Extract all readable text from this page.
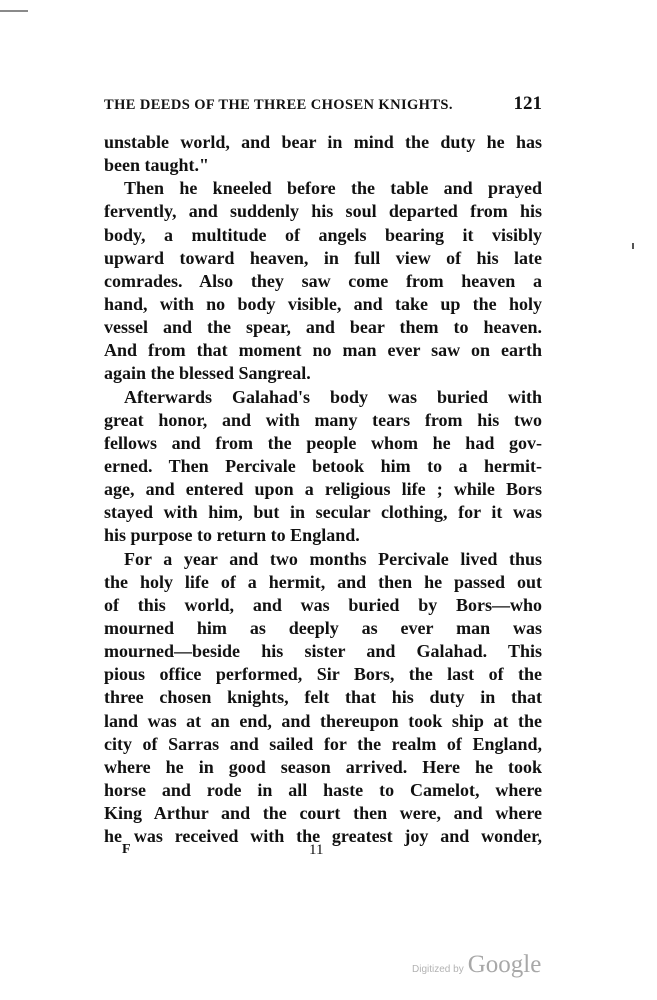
THE DEEDS OF THE THREE CHOSEN KNIGHTS.	121
unstable world, and bear in mind the duty he has
been taught."
Then he kneeled before the table and prayed
fervently, and suddenly his soul departed from his
body, a multitude of angels bearing it visibly
upward toward heaven, in full view of his late
comrades. Also they saw come from heaven a
hand, with no body visible, and take up the holy
vessel and the spear, and bear them to heaven.
And from that moment no man ever saw on earth
again the blessed Sangreal.
Afterwards Galahad's body was buried with
great honor, and with many tears from his two
fellows and from the people whom he had gov-
erned. Then Percivale betook him to a hermit-
age, and entered upon a religious life ; while Bors
stayed with him, but in secular clothing, for it was
his purpose to return to England.
For a year and two months Percivale lived thus
the holy life of a hermit, and then he passed out
of this world, and was buried by Bors—who
mourned him as deeply as ever man was
mourned—beside his sister and Galahad. This
pious office performed, Sir Bors, the last of the
three chosen knights, felt that his duty in that
land was at an end, and thereupon took ship at the
city of Sarras and sailed for the realm of England,
where he in good season arrived. Here he took
horse and rode in all haste to Camelot, where
King Arthur and the court then were, and where
he was received with the greatest joy and wonder,
F	11
Digitized by Google
